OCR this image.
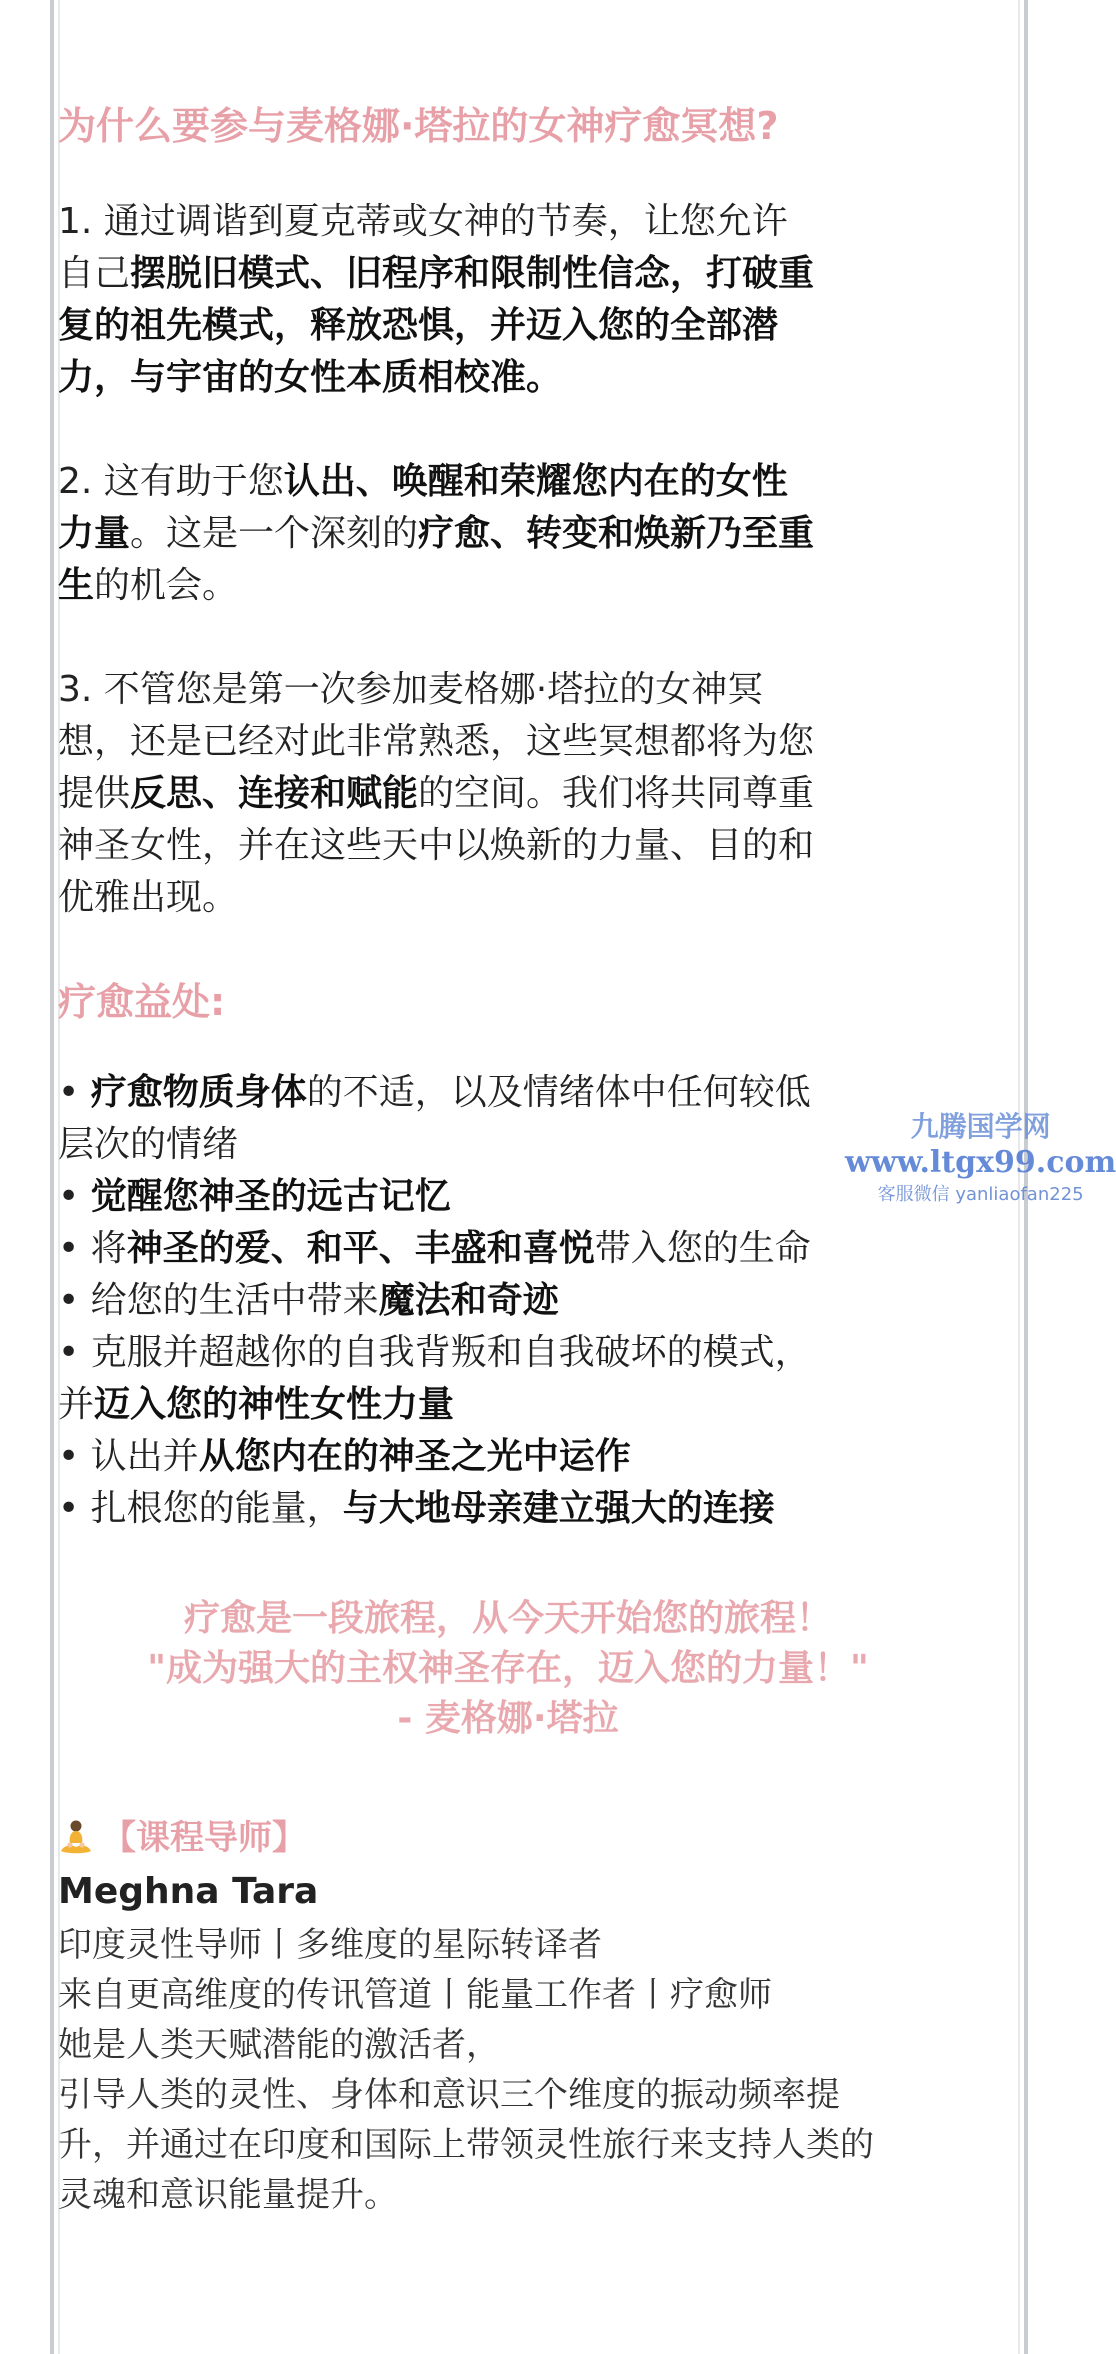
为什么要参与麦格娜·塔拉的女神疗愈冥想?
1. 通过调谐到夏克蒂或女神的节奏，让您允许
自己摆脱旧模式、旧程序和限制性信念，打破重
复的祖先模式，释放恐惧，并迈入您的全部潜
力，与宇宙的女性本质相校准。
2. 这有助于您认出、唤醒和荣耀您内在的女性
力量。这是一个深刻的疗愈、转变和焕新乃至重
生的机会。
3. 不管您是第一次参加麦格娜·塔拉的女神冥
想，还是已经对此非常熟悉，这些冥想都将为您
提供反思、连接和赋能的空间。我们将共同尊重
神圣女性，并在这些天中以焕新的力量、目的和
优雅出现。
疗愈益处:
• 疗愈物质身体的不适，以及情绪体中任何较低
层次的情绪
• 觉醒您神圣的远古记忆
• 将神圣的爱、和平、丰盛和喜悦带入您的生命
• 给您的生活中带来魔法和奇迹
• 克服并超越你的自我背叛和自我破坏的模式，
并迈入您的神性女性力量
• 认出并从您内在的神圣之光中运作
• 扎根您的能量，与大地母亲建立强大的连接
疗愈是一段旅程，从今天开始您的旅程！
"成为强大的主权神圣存在，迈入您的力量！"
- 麦格娜·塔拉
【课程导师】
Meghna Tara
印度灵性导师丨多维度的星际转译者
来自更高维度的传讯管道丨能量工作者丨疗愈师
她是人类天赋潜能的激活者，
引导人类的灵性、身体和意识三个维度的振动频率提
升，并通过在印度和国际上带领灵性旅行来支持人类的
灵魂和意识能量提升。
九腾国学网
www.ltgx99.com
客服微信 yanliaofan225
